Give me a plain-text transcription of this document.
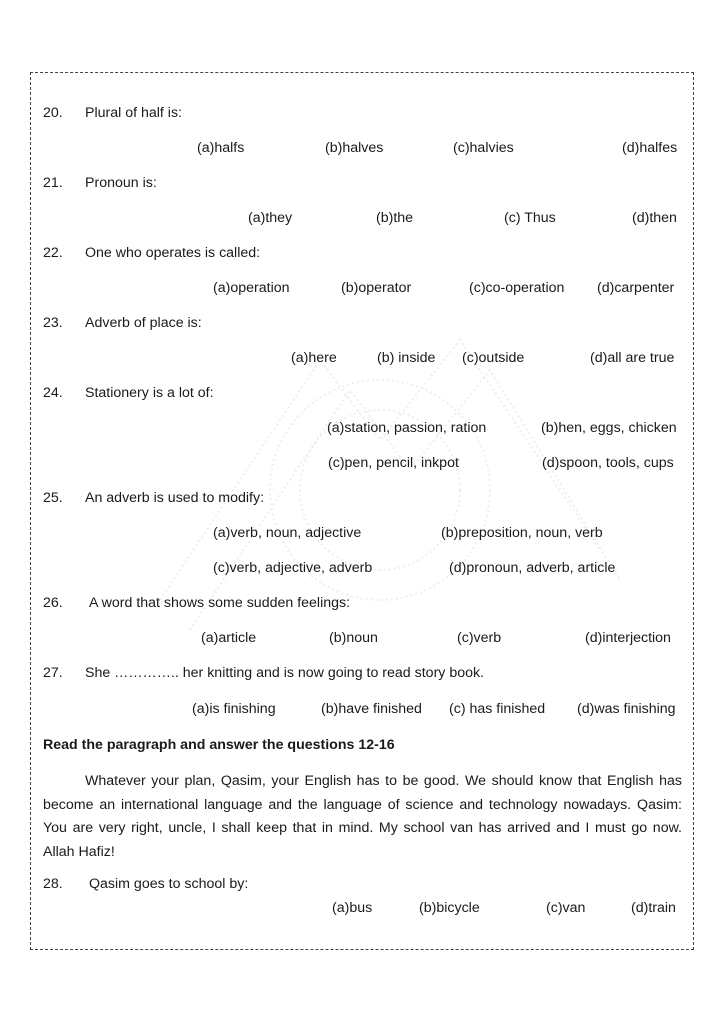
20. Plural of half is:
(a)halfs	(b)halves	(c)halvies	(d)halfes
21. Pronoun is:
(a)they	(b)the	(c) Thus	(d)then
22. One who operates is called:
(a)operation	(b)operator	(c)co-operation (d)carpenter
23. Adverb of place is:
(a)here	(b) inside (c)outside	(d)all are true
24. Stationery is a lot of:
(a)station, passion, ration	(b)hen, eggs, chicken
(c)pen, pencil, inkpot	(d)spoon, tools, cups
25. An adverb is used to modify:
(a)verb, noun, adjective	(b)preposition, noun, verb
(c)verb, adjective, adverb	(d)pronoun, adverb, article
26. A word that shows some sudden feelings:
(a)article	(b)noun	(c)verb	(d)interjection
27. She ………….. her knitting and is now going to read story book.
(a)is finishing	(b)have finished (c) has finished (d)was finishing
Read the paragraph and answer the questions 12-16
Whatever your plan, Qasim, your English has to be good. We should know that English has become an international language and the language of science and technology nowadays. Qasim: You are very right, uncle, I shall keep that in mind. My school van has arrived and I must go now. Allah Hafiz!
28. Qasim goes to school by:
(a)bus	(b)bicycle	(c)van	(d)train
